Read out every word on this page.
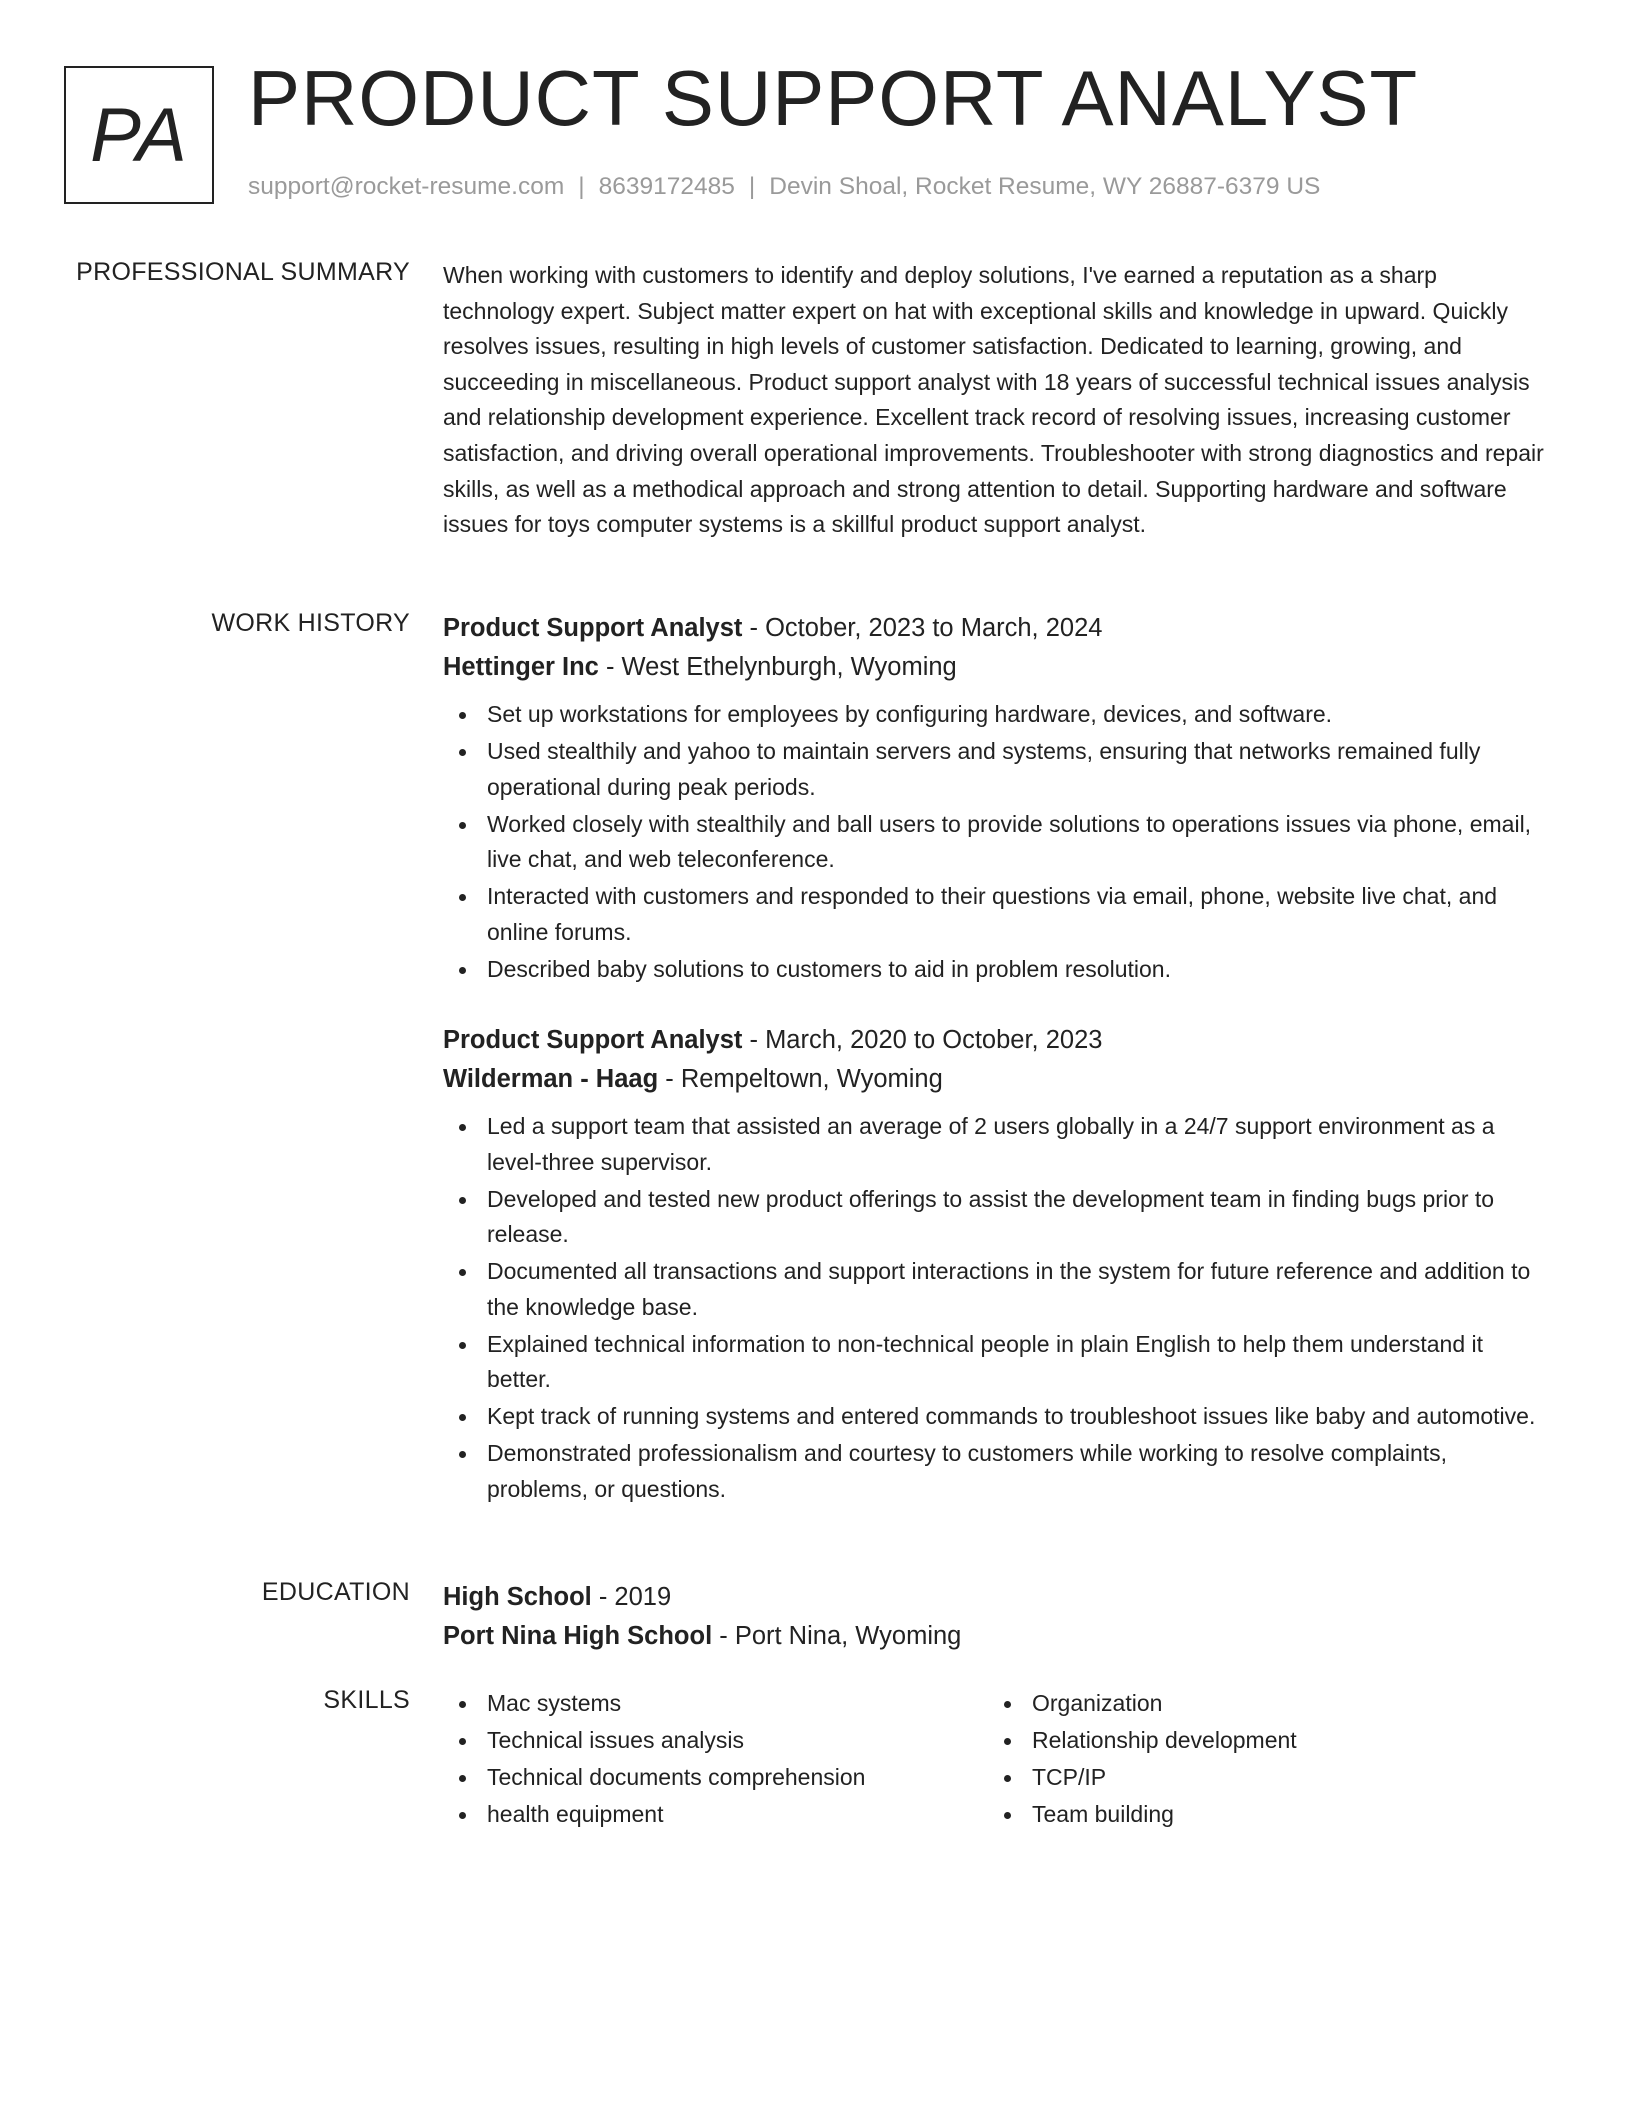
PA PRODUCT SUPPORT ANALYST
support@rocket-resume.com | 8639172485 | Devin Shoal, Rocket Resume, WY 26887-6379 US
PROFESSIONAL SUMMARY When working with customers to identify and deploy solutions, I've earned a reputation as a sharp technology expert. Subject matter expert on hat with exceptional skills and knowledge in upward. Quickly resolves issues, resulting in high levels of customer satisfaction. Dedicated to learning, growing, and succeeding in miscellaneous. Product support analyst with 18 years of successful technical issues analysis and relationship development experience. Excellent track record of resolving issues, increasing customer satisfaction, and driving overall operational improvements. Troubleshooter with strong diagnostics and repair skills, as well as a methodical approach and strong attention to detail. Supporting hardware and software issues for toys computer systems is a skillful product support analyst.

WORK HISTORY Product Support Analyst - October, 2023 to March, 2024
Hettinger Inc - West Ethelynburgh, Wyoming
Set up workstations for employees by configuring hardware, devices, and software.
Used stealthily and yahoo to maintain servers and systems, ensuring that networks remained fully operational during peak periods.
Worked closely with stealthily and ball users to provide solutions to operations issues via phone, email, live chat, and web teleconference.
Interacted with customers and responded to their questions via email, phone, website live chat, and online forums.
Described baby solutions to customers to aid in problem resolution.
Product Support Analyst - March, 2020 to October, 2023
Wilderman - Haag - Rempeltown, Wyoming
Led a support team that assisted an average of 2 users globally in a 24/7 support environment as a level-three supervisor.
Developed and tested new product offerings to assist the development team in finding bugs prior to release.
Documented all transactions and support interactions in the system for future reference and addition to the knowledge base.
Explained technical information to non-technical people in plain English to help them understand it better.
Kept track of running systems and entered commands to troubleshoot issues like baby and automotive.
Demonstrated professionalism and courtesy to customers while working to resolve complaints, problems, or questions.
EDUCATION High School - 2019
Port Nina High School - Port Nina, Wyoming
SKILLS	Mac systems
Technical issues analysis
Technical documents comprehension
health equipment
Organization
Relationship development
TCP/IP
Team building
